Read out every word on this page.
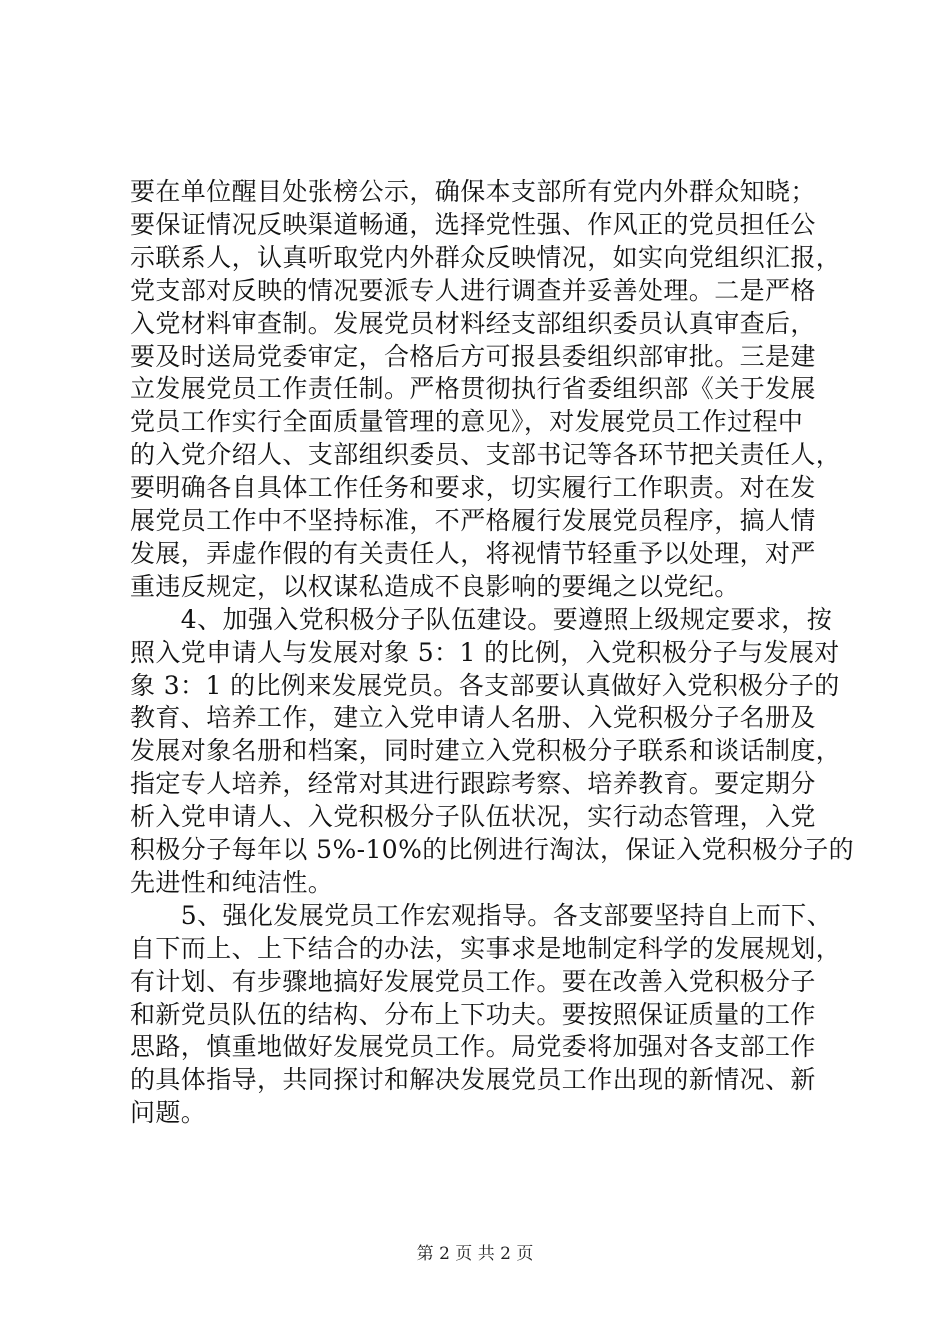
要在单位醒目处张榜公示，确保本支部所有党内外群众知晓；
要保证情况反映渠道畅通，选择党性强、作风正的党员担任公
示联系人，认真听取党内外群众反映情况，如实向党组织汇报，
党支部对反映的情况要派专人进行调查并妥善处理。二是严格
入党材料审查制。发展党员材料经支部组织委员认真审查后，
要及时送局党委审定，合格后方可报县委组织部审批。三是建
立发展党员工作责任制。严格贯彻执行省委组织部《关于发展
党员工作实行全面质量管理的意见》，对发展党员工作过程中
的入党介绍人、支部组织委员、支部书记等各环节把关责任人，
要明确各自具体工作任务和要求，切实履行工作职责。对在发
展党员工作中不坚持标准，不严格履行发展党员程序，搞人情
发展，弄虚作假的有关责任人，将视情节轻重予以处理，对严
重违反规定，以权谋私造成不良影响的要绳之以党纪。
　　4、加强入党积极分子队伍建设。要遵照上级规定要求，按
照入党申请人与发展对象 5：1 的比例，入党积极分子与发展对
象 3：1 的比例来发展党员。各支部要认真做好入党积极分子的
教育、培养工作，建立入党申请人名册、入党积极分子名册及
发展对象名册和档案，同时建立入党积极分子联系和谈话制度，
指定专人培养，经常对其进行跟踪考察、培养教育。要定期分
析入党申请人、入党积极分子队伍状况，实行动态管理，入党
积极分子每年以 5%-10%的比例进行淘汰，保证入党积极分子的
先进性和纯洁性。
　　5、强化发展党员工作宏观指导。各支部要坚持自上而下、
自下而上、上下结合的办法，实事求是地制定科学的发展规划，
有计划、有步骤地搞好发展党员工作。要在改善入党积极分子
和新党员队伍的结构、分布上下功夫。要按照保证质量的工作
思路，慎重地做好发展党员工作。局党委将加强对各支部工作
的具体指导，共同探讨和解决发展党员工作出现的新情况、新
问题。
第 2 页 共 2 页
